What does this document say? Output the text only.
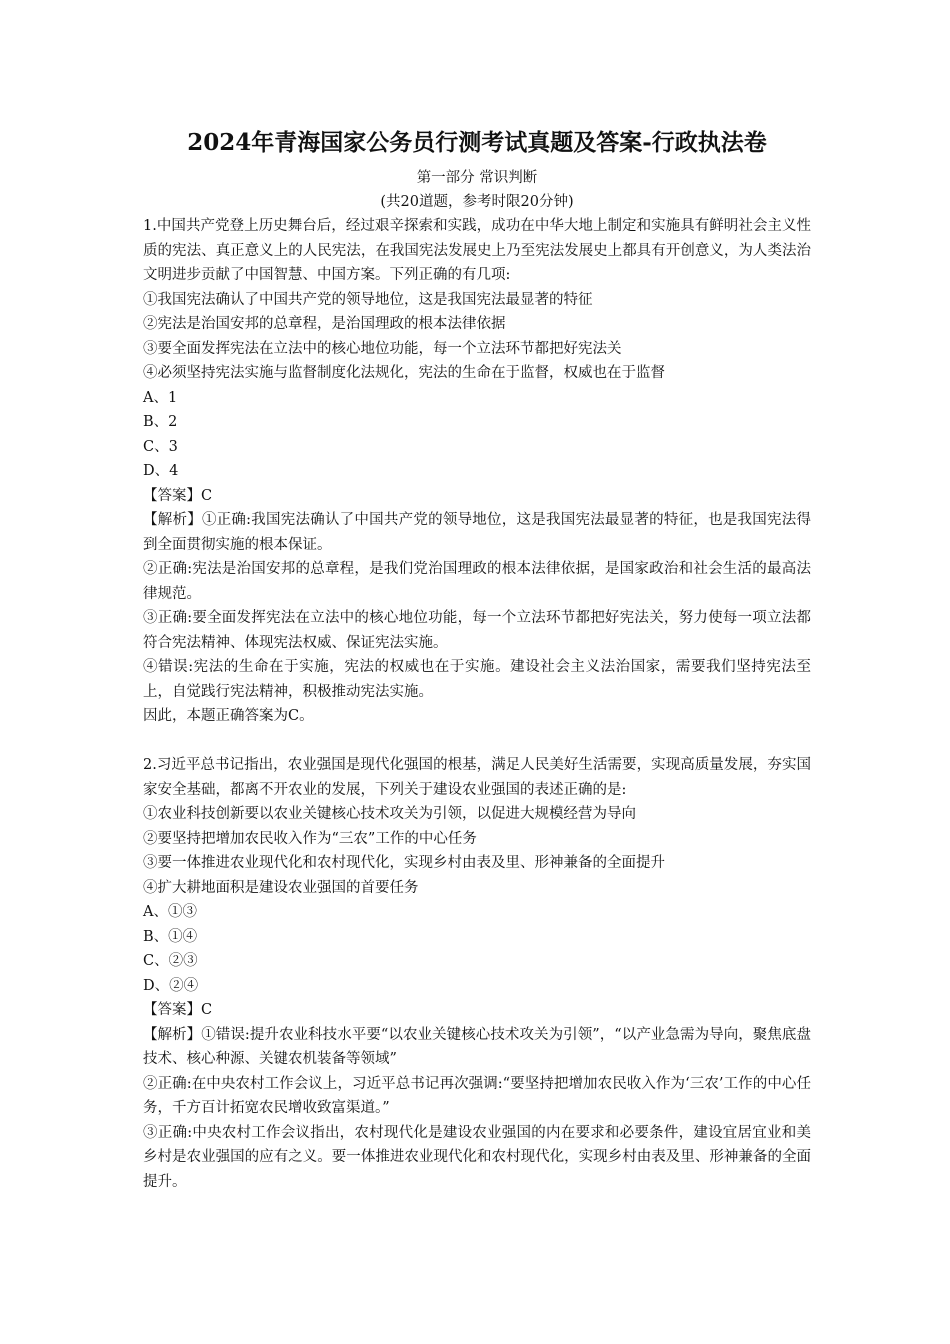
2024年青海国家公务员行测考试真题及答案-行政执法卷

第一部分 常识判断

(共20道题，参考时限20分钟)

1.中国共产党登上历史舞台后，经过艰辛探索和实践，成功在中华大地上制定和实施具有鲜明社会主义性质的宪法、真正意义上的人民宪法，在我国宪法发展史上乃至宪法发展史上都具有开创意义，为人类法治文明进步贡献了中国智慧、中国方案。下列正确的有几项:

①我国宪法确认了中国共产党的领导地位，这是我国宪法最显著的特征

②宪法是治国安邦的总章程，是治国理政的根本法律依据

③要全面发挥宪法在立法中的核心地位功能，每一个立法环节都把好宪法关

④必须坚持宪法实施与监督制度化法规化，宪法的生命在于监督，权威也在于监督

A、1

B、2

C、3

D、4

【答案】C

【解析】①正确:我国宪法确认了中国共产党的领导地位，这是我国宪法最显著的特征，也是我国宪法得到全面贯彻实施的根本保证。

②正确:宪法是治国安邦的总章程，是我们党治国理政的根本法律依据，是国家政治和社会生活的最高法律规范。

③正确:要全面发挥宪法在立法中的核心地位功能，每一个立法环节都把好宪法关，努力使每一项立法都符合宪法精神、体现宪法权威、保证宪法实施。

④错误:宪法的生命在于实施，宪法的权威也在于实施。建设社会主义法治国家，需要我们坚持宪法至上，自觉践行宪法精神，积极推动宪法实施。

因此，本题正确答案为C。

2.习近平总书记指出，农业强国是现代化强国的根基，满足人民美好生活需要，实现高质量发展，夯实国家安全基础，都离不开农业的发展，下列关于建设农业强国的表述正确的是:

①农业科技创新要以农业关键核心技术攻关为引领，以促进大规模经营为导向

②要坚持把增加农民收入作为“三农”工作的中心任务

③要一体推进农业现代化和农村现代化，实现乡村由表及里、形神兼备的全面提升

④扩大耕地面积是建设农业强国的首要任务

A、①③

B、①④

C、②③

D、②④

【答案】C

【解析】①错误:提升农业科技水平要“以农业关键核心技术攻关为引领”，“以产业急需为导向，聚焦底盘技术、核心种源、关键农机装备等领域”

②正确:在中央农村工作会议上，习近平总书记再次强调:“要坚持把增加农民收入作为‘三农’工作的中心任务，千方百计拓宽农民增收致富渠道。”

③正确:中央农村工作会议指出，农村现代化是建设农业强国的内在要求和必要条件，建设宜居宜业和美乡村是农业强国的应有之义。要一体推进农业现代化和农村现代化，实现乡村由表及里、形神兼备的全面提升。
